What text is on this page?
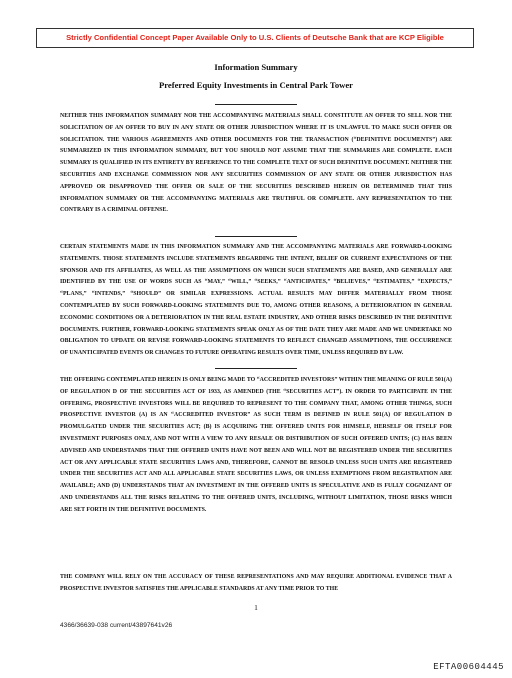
Strictly Confidential Concept Paper Available Only to U.S. Clients of Deutsche Bank that are KCP Eligible
Information Summary
Preferred Equity Investments in Central Park Tower

NEITHER THIS INFORMATION SUMMARY NOR THE ACCOMPANYING MATERIALS SHALL CONSTITUTE AN OFFER TO SELL NOR THE SOLICITATION OF AN OFFER TO BUY IN ANY STATE OR OTHER JURISDICTION WHERE IT IS UNLAWFUL TO MAKE SUCH OFFER OR SOLICITATION. THE VARIOUS AGREEMENTS AND OTHER DOCUMENTS FOR THE TRANSACTION (“DEFINITIVE DOCUMENTS”) ARE SUMMARIZED IN THIS INFORMATION SUMMARY, BUT YOU SHOULD NOT ASSUME THAT THE SUMMARIES ARE COMPLETE. EACH SUMMARY IS QUALIFIED IN ITS ENTIRETY BY REFERENCE TO THE COMPLETE TEXT OF SUCH DEFINITIVE DOCUMENT. NEITHER THE SECURITIES AND EXCHANGE COMMISSION NOR ANY SECURITIES COMMISSION OF ANY STATE OR OTHER JURISDICTION HAS APPROVED OR DISAPPROVED THE OFFER OR SALE OF THE SECURITIES DESCRIBED HEREIN OR DETERMINED THAT THIS INFORMATION SUMMARY OR THE ACCOMPANYING MATERIALS ARE TRUTHFUL OR COMPLETE. ANY REPRESENTATION TO THE CONTRARY IS A CRIMINAL OFFENSE.

CERTAIN STATEMENTS MADE IN THIS INFORMATION SUMMARY AND THE ACCOMPANYING MATERIALS ARE FORWARD-LOOKING STATEMENTS. THOSE STATEMENTS INCLUDE STATEMENTS REGARDING THE INTENT, BELIEF OR CURRENT EXPECTATIONS OF THE SPONSOR AND ITS AFFILIATES, AS WELL AS THE ASSUMPTIONS ON WHICH SUCH STATEMENTS ARE BASED, AND GENERALLY ARE IDENTIFIED BY THE USE OF WORDS SUCH AS “MAY,” “WILL,” “SEEKS,” “ANTICIPATES,” “BELIEVES,” “ESTIMATES,” “EXPECTS,” “PLANS,” “INTENDS,” “SHOULD” OR SIMILAR EXPRESSIONS. ACTUAL RESULTS MAY DIFFER MATERIALLY FROM THOSE CONTEMPLATED BY SUCH FORWARD-LOOKING STATEMENTS DUE TO, AMONG OTHER REASONS, A DETERIORATION IN GENERAL ECONOMIC CONDITIONS OR A DETERIORATION IN THE REAL ESTATE INDUSTRY, AND OTHER RISKS DESCRIBED IN THE DEFINITIVE DOCUMENTS. FURTHER, FORWARD-LOOKING STATEMENTS SPEAK ONLY AS OF THE DATE THEY ARE MADE AND WE UNDERTAKE NO OBLIGATION TO UPDATE OR REVISE FORWARD-LOOKING STATEMENTS TO REFLECT CHANGED ASSUMPTIONS, THE OCCURRENCE OF UNANTICIPATED EVENTS OR CHANGES TO FUTURE OPERATING RESULTS OVER TIME, UNLESS REQUIRED BY LAW.

THE OFFERING CONTEMPLATED HEREIN IS ONLY BEING MADE TO “ACCREDITED INVESTORS” WITHIN THE MEANING OF RULE 501(A) OF REGULATION D OF THE SECURITIES ACT OF 1933, AS AMENDED (THE “SECURITIES ACT”). IN ORDER TO PARTICIPATE IN THE OFFERING, PROSPECTIVE INVESTORS WILL BE REQUIRED TO REPRESENT TO THE COMPANY THAT, AMONG OTHER THINGS, SUCH PROSPECTIVE INVESTOR (A) IS AN “ACCREDITED INVESTOR” AS SUCH TERM IS DEFINED IN RULE 501(A) OF REGULATION D PROMULGATED UNDER THE SECURITIES ACT; (B) IS ACQUIRING THE OFFERED UNITS FOR HIMSELF, HERSELF OR ITSELF FOR INVESTMENT PURPOSES ONLY, AND NOT WITH A VIEW TO ANY RESALE OR DISTRIBUTION OF SUCH OFFERED UNITS; (C) HAS BEEN ADVISED AND UNDERSTANDS THAT THE OFFERED UNITS HAVE NOT BEEN AND WILL NOT BE REGISTERED UNDER THE SECURITIES ACT OR ANY APPLICABLE STATE SECURITIES LAWS AND, THEREFORE, CANNOT BE RESOLD UNLESS SUCH UNITS ARE REGISTERED UNDER THE SECURITIES ACT AND ALL APPLICABLE STATE SECURITIES LAWS, OR UNLESS EXEMPTIONS FROM REGISTRATION ARE AVAILABLE; AND (D) UNDERSTANDS THAT AN INVESTMENT IN THE OFFERED UNITS IS SPECULATIVE AND IS FULLY COGNIZANT OF AND UNDERSTANDS ALL THE RISKS RELATING TO THE OFFERED UNITS, INCLUDING, WITHOUT LIMITATION, THOSE RISKS WHICH ARE SET FORTH IN THE DEFINITIVE DOCUMENTS.

THE COMPANY WILL RELY ON THE ACCURACY OF THESE REPRESENTATIONS AND MAY REQUIRE ADDITIONAL EVIDENCE THAT A PROSPECTIVE INVESTOR SATISFIES THE APPLICABLE STANDARDS AT ANY TIME PRIOR TO THE

1
4366/36639-038 current/43897641v26
EFTA00604445
